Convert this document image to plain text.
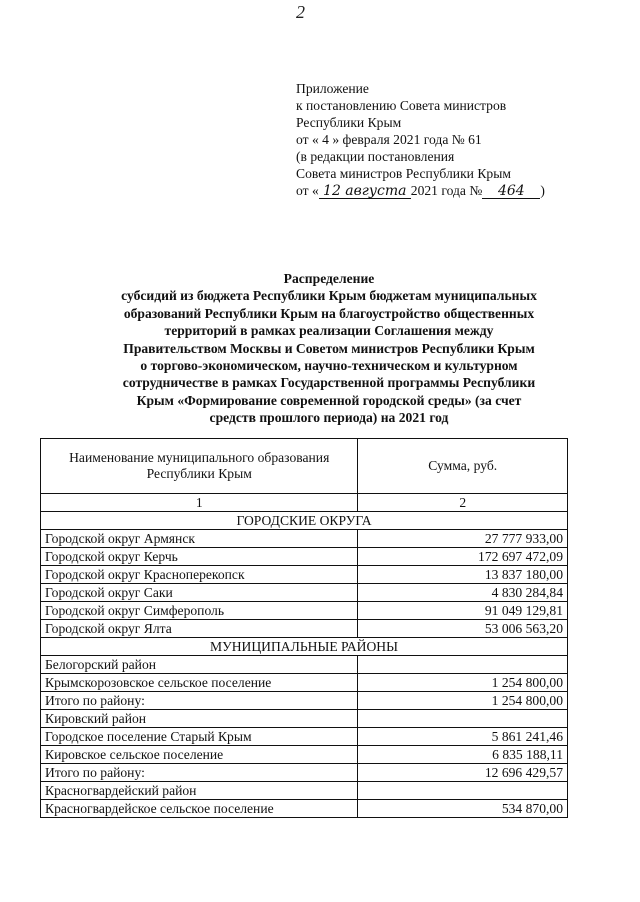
2
Приложение
к постановлению Совета министров
Республики Крым
от « 4 » февраля 2021 года № 61
(в редакции постановления
Совета министров Республики Крым
от « 12 августа 2021 года № 464 )
Распределение
субсидий из бюджета Республики Крым бюджетам муниципальных
образований Республики Крым на благоустройство общественных
территорий в рамках реализации Соглашения между
Правительством Москвы и Советом министров Республики Крым
о торгово-экономическом, научно-техническом и культурном
сотрудничестве в рамках Государственной программы Республики
Крым «Формирование современной городской среды» (за счет
средств прошлого периода) на 2021 год
Наименование муниципального образования Республики Крым	Сумма, руб.
1	2
ГОРОДСКИЕ ОКРУГА	
Городской округ Армянск	27 777 933,00
Городской округ Керчь	172 697 472,09
Городской округ Красноперекопск	13 837 180,00
Городской округ Саки	4 830 284,84
Городской округ Симферополь	91 049 129,81
Городской округ Ялта	53 006 563,20
МУНИЦИПАЛЬНЫЕ РАЙОНЫ	
Белогорский район	
Крымскорозовское сельское поселение	1 254 800,00
Итого по району:	1 254 800,00
Кировский район	
Городское поселение Старый Крым	5 861 241,46
Кировское сельское поселение	6 835 188,11
Итого по району:	12 696 429,57
Красногвардейский район	
Красногвардейское сельское поселение	534 870,00
